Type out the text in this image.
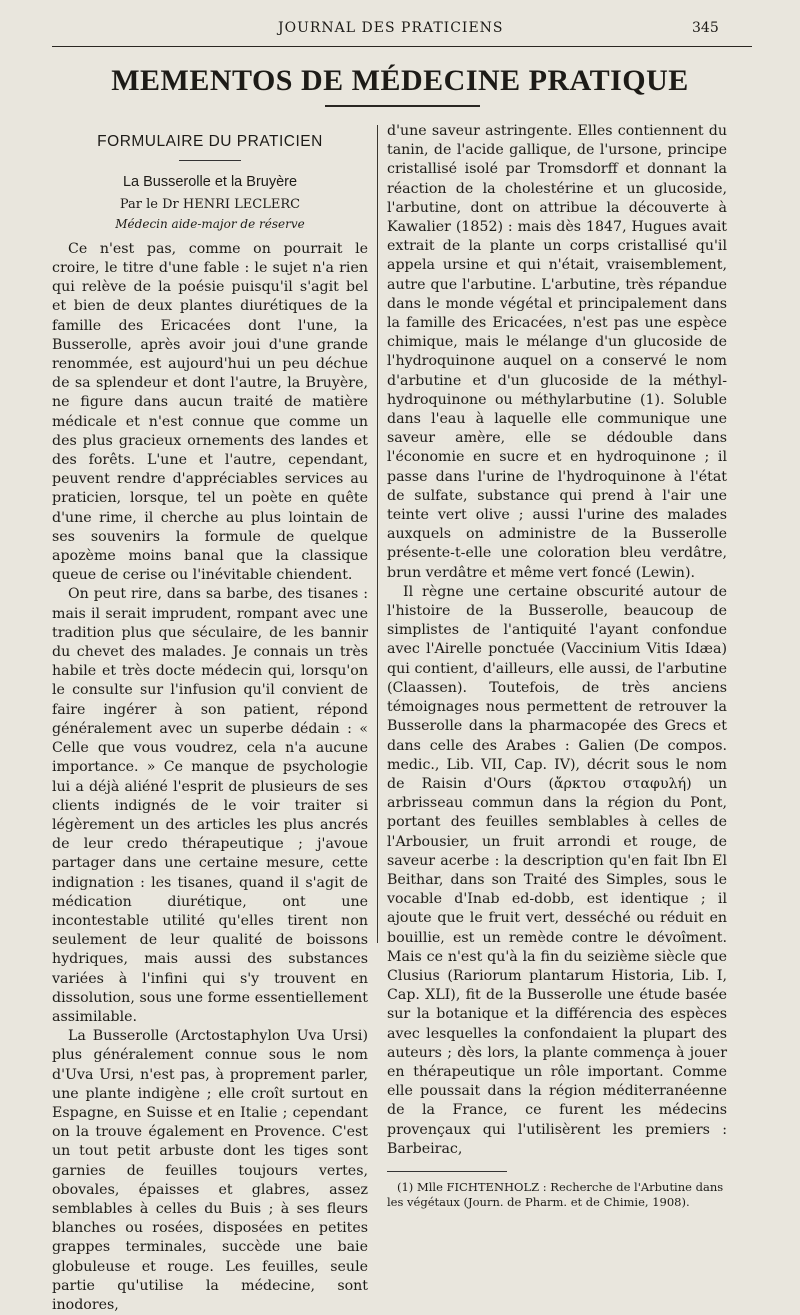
JOURNAL DES PRATICIENS	345
MEMENTOS DE MÉDECINE PRATIQUE
FORMULAIRE DU PRATICIEN
La Busserolle et la Bruyère
Par le Dr HENRI LECLERC
Médecin aide-major de réserve

Ce n'est pas, comme on pourrait le croire, le titre d'une fable : le sujet n'a rien qui relève de la poésie puisqu'il s'agit bel et bien de deux plantes diurétiques de la famille des Ericacées dont l'une, la Busserolle, après avoir joui d'une grande renommée, est aujourd'hui un peu déchue de sa splendeur et dont l'autre, la Bruyère, ne figure dans aucun traité de matière médicale et n'est connue que comme un des plus gracieux ornements des landes et des forêts. L'une et l'autre, cependant, peuvent rendre d'appréciables services au praticien, lorsque, tel un poète en quête d'une rime, il cherche au plus lointain de ses souvenirs la formule de quelque apozème moins banal que la classique queue de cerise ou l'inévitable chiendent.

On peut rire, dans sa barbe, des tisanes : mais il serait imprudent, rompant avec une tradition plus que séculaire, de les bannir du chevet des malades. Je connais un très habile et très docte médecin qui, lorsqu'on le consulte sur l'infusion qu'il convient de faire ingérer à son patient, répond généralement avec un superbe dédain : « Celle que vous voudrez, cela n'a aucune importance. » Ce manque de psychologie lui a déjà aliéné l'esprit de plusieurs de ses clients indignés de le voir traiter si légèrement un des articles les plus ancrés de leur credo thérapeutique ; j'avoue partager dans une certaine mesure, cette indignation : les tisanes, quand il s'agit de médication diurétique, ont une incontestable utilité qu'elles tirent non seulement de leur qualité de boissons hydriques, mais aussi des substances variées à l'infini qui s'y trouvent en dissolution, sous une forme essentiellement assimilable.

La Busserolle (Arctostaphylon Uva Ursi) plus généralement connue sous le nom d'Uva Ursi, n'est pas, à proprement parler, une plante indigène ; elle croît surtout en Espagne, en Suisse et en Italie ; cependant on la trouve également en Provence. C'est un tout petit arbuste dont les tiges sont garnies de feuilles toujours vertes, obovales, épaisses et glabres, assez semblables à celles du Buis ; à ses fleurs blanches ou rosées, disposées en petites grappes terminales, succède une baie globuleuse et rouge. Les feuilles, seule partie qu'utilise la médecine, sont inodores,

d'une saveur astringente. Elles contiennent du tanin, de l'acide gallique, de l'ursone, principe cristallisé isolé par Tromsdorff et donnant la réaction de la cholestérine et un glucoside, l'arbutine, dont on attribue la découverte à Kawalier (1852) : mais dès 1847, Hugues avait extrait de la plante un corps cristallisé qu'il appela ursine et qui n'était, vraisemblement, autre que l'arbutine. L'arbutine, très répandue dans le monde végétal et principalement dans la famille des Ericacées, n'est pas une espèce chimique, mais le mélange d'un glucoside de l'hydroquinone auquel on a conservé le nom d'arbutine et d'un glucoside de la méthyl-hydroquinone ou méthylarbutine (1). Soluble dans l'eau à laquelle elle communique une saveur amère, elle se dédouble dans l'économie en sucre et en hydroquinone ; il passe dans l'urine de l'hydroquinone à l'état de sulfate, substance qui prend à l'air une teinte vert olive ; aussi l'urine des malades auxquels on administre de la Busserolle présente-t-elle une coloration bleu verdâtre, brun verdâtre et même vert foncé (Lewin).

Il règne une certaine obscurité autour de l'histoire de la Busserolle, beaucoup de simplistes de l'antiquité l'ayant confondue avec l'Airelle ponctuée (Vaccinium Vitis Idæa) qui contient, d'ailleurs, elle aussi, de l'arbutine (Claassen). Toutefois, de très anciens témoignages nous permettent de retrouver la Busserolle dans la pharmacopée des Grecs et dans celle des Arabes : Galien (De compos. medic., Lib. VII, Cap. IV), décrit sous le nom de Raisin d'Ours (ἄρκτου σταφυλή) un arbrisseau commun dans la région du Pont, portant des feuilles semblables à celles de l'Arbousier, un fruit arrondi et rouge, de saveur acerbe : la description qu'en fait Ibn El Beithar, dans son Traité des Simples, sous le vocable d'Inab ed-dobb, est identique ; il ajoute que le fruit vert, desséché ou réduit en bouillie, est un remède contre le dévoîment. Mais ce n'est qu'à la fin du seizième siècle que Clusius (Rariorum plantarum Historia, Lib. I, Cap. XLI), fit de la Busserolle une étude basée sur la botanique et la différencia des espèces avec lesquelles la confondaient la plupart des auteurs ; dès lors, la plante commença à jouer en thérapeutique un rôle important. Comme elle poussait dans la région méditerranéenne de la France, ce furent les médecins provençaux qui l'utilisèrent les premiers : Barbeirac,

(1) Mlle FICHTENHOLZ : Recherche de l'Arbutine dans les végétaux (Journ. de Pharm. et de Chimie, 1908).
